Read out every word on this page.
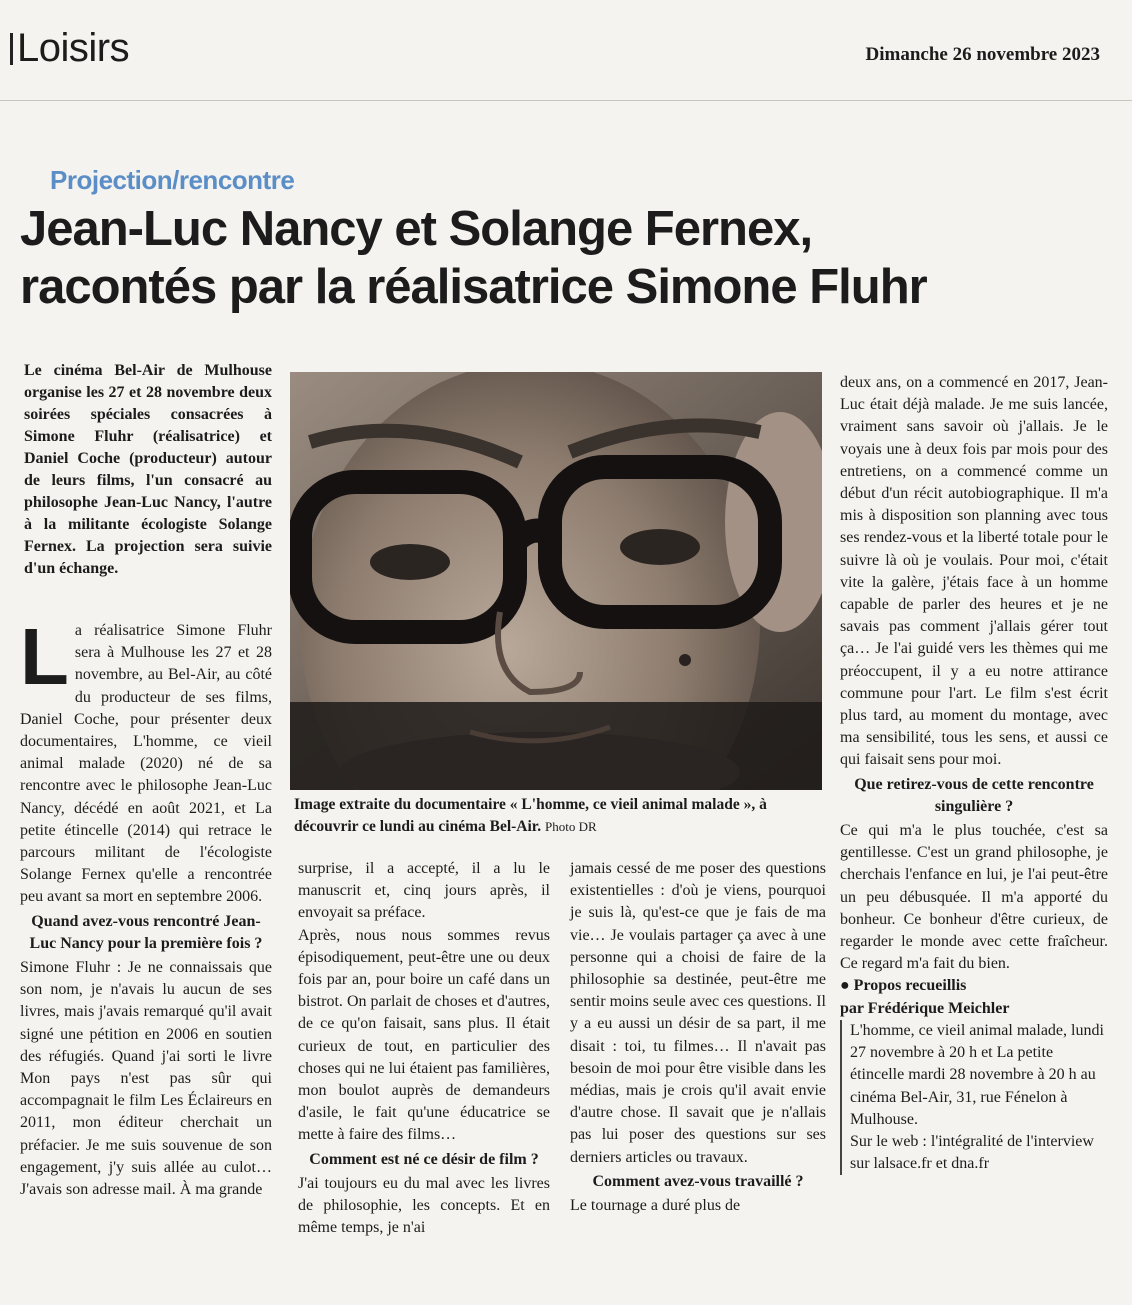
Loisirs	Dimanche 26 novembre 2023
Projection/rencontre
Jean-Luc Nancy et Solange Fernex,
racontés par la réalisatrice Simone Fluhr
Le cinéma Bel-Air de Mulhouse organise les 27 et 28 novembre deux soirées spéciales consacrées à Simone Fluhr (réalisatrice) et Daniel Coche (producteur) autour de leurs films, l'un consacré au philosophe Jean-Luc Nancy, l'autre à la militante écologiste Solange Fernex. La projection sera suivie d'un échange.
Image extraite du documentaire « L'homme, ce vieil animal malade », à découvrir ce lundi au cinéma Bel-Air. Photo DR

La réalisatrice Simone Fluhr sera à Mulhouse les 27 et 28 novembre, au Bel-Air, au côté du producteur de ses films, Daniel Coche, pour présenter deux documentaires, L'homme, ce vieil animal malade (2020) né de sa rencontre avec le philosophe Jean-Luc Nancy, décédé en août 2021, et La petite étincelle (2014) qui retrace le parcours militant de l'écologiste Solange Fernex qu'elle a rencontrée peu avant sa mort en septembre 2006.

Quand avez-vous rencontré Jean-Luc Nancy pour la première fois ?

Simone Fluhr : Je ne connaissais que son nom, je n'avais lu aucun de ses livres, mais j'avais remarqué qu'il avait signé une pétition en 2006 en soutien des réfugiés. Quand j'ai sorti le livre Mon pays n'est pas sûr qui accompagnait le film Les Éclaireurs en 2011, mon éditeur cherchait un préfacier. Je me suis souvenue de son engagement, j'y suis allée au culot… J'avais son adresse mail. À ma grande

surprise, il a accepté, il a lu le manuscrit et, cinq jours après, il envoyait sa préface.

Après, nous nous sommes revus épisodiquement, peut-être une ou deux fois par an, pour boire un café dans un bistrot. On parlait de choses et d'autres, de ce qu'on faisait, sans plus. Il était curieux de tout, en particulier des choses qui ne lui étaient pas familières, mon boulot auprès de demandeurs d'asile, le fait qu'une éducatrice se mette à faire des films…

Comment est né ce désir de film ?

J'ai toujours eu du mal avec les livres de philosophie, les concepts. Et en même temps, je n'ai

jamais cessé de me poser des questions existentielles : d'où je viens, pourquoi je suis là, qu'est-ce que je fais de ma vie… Je voulais partager ça avec à une personne qui a choisi de faire de la philosophie sa destinée, peut-être me sentir moins seule avec ces questions. Il y a eu aussi un désir de sa part, il me disait : toi, tu filmes… Il n'avait pas besoin de moi pour être visible dans les médias, mais je crois qu'il avait envie d'autre chose. Il savait que je n'allais pas lui poser des questions sur ses derniers articles ou travaux.

Comment avez-vous travaillé ?

Le tournage a duré plus de

deux ans, on a commencé en 2017, Jean-Luc était déjà malade. Je me suis lancée, vraiment sans savoir où j'allais. Je le voyais une à deux fois par mois pour des entretiens, on a commencé comme un début d'un récit autobiographique. Il m'a mis à disposition son planning avec tous ses rendez-vous et la liberté totale pour le suivre là où je voulais. Pour moi, c'était vite la galère, j'étais face à un homme capable de parler des heures et je ne savais pas comment j'allais gérer tout ça… Je l'ai guidé vers les thèmes qui me préoccupent, il y a eu notre attirance commune pour l'art. Le film s'est écrit plus tard, au moment du montage, avec ma sensibilité, tous les sens, et aussi ce qui faisait sens pour moi.

Que retirez-vous de cette rencontre singulière ?

Ce qui m'a le plus touchée, c'est sa gentillesse. C'est un grand philosophe, je cherchais l'enfance en lui, je l'ai peut-être un peu débusquée. Il m'a apporté du bonheur. Ce bonheur d'être curieux, de regarder le monde avec cette fraîcheur. Ce regard m'a fait du bien.

● Propos recueillis
par Frédérique Meichler

L'homme, ce vieil animal malade, lundi 27 novembre à 20 h et La petite étincelle mardi 28 novembre à 20 h au cinéma Bel-Air, 31, rue Fénelon à Mulhouse.

Sur le web : l'intégralité de l'interview sur lalsace.fr et dna.fr
